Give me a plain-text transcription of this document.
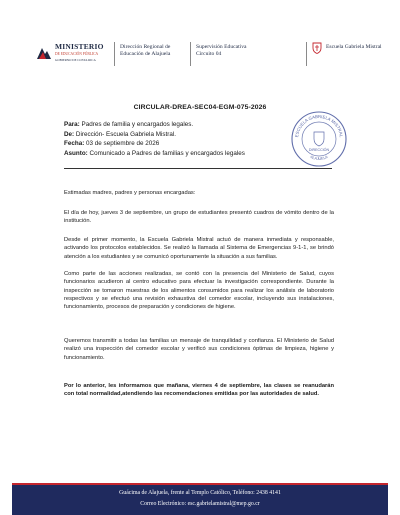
MINISTERIO
DE EDUCACIÓN PÚBLICA
GOBIERNO DE COSTA RICA
Dirección Regional de
Educación de Alajuela
Supervisión Educativa
Circuito 04
Escuela Gabriela Mistral
CIRCULAR-DREA-SEC04-EGM-075-2026
Para: Padres de familia y encargados legales.
De: Dirección- Escuela Gabriela Mistral.
Fecha: 03 de septiembre de 2026
Asunto: Comunicado a Padres de familias y encargados legales
ESCUELA GABRIELA MISTRAL
ALAJUELA
DIRECCIÓN
Estimadas madres, padres y personas encargadas:
El día de hoy, jueves 3 de septiembre, un grupo de estudiantes presentó cuadros de vómito dentro de la institución.
Desde el primer momento, la Escuela Gabriela Mistral actuó de manera inmediata y responsable, activando los protocolos establecidos. Se realizó la llamada al Sistema de Emergencias 9-1-1, se brindó atención a los estudiantes y se comunicó oportunamente la situación a sus familias.
Como parte de las acciones realizadas, se contó con la presencia del Ministerio de Salud, cuyos funcionarios acudieron al centro educativo para efectuar la investigación correspondiente. Durante la inspección se tomaron muestras de los alimentos consumidos para realizar los análisis de laboratorio respectivos y se efectuó una revisión exhaustiva del comedor escolar, incluyendo sus instalaciones, funcionamiento, procesos de preparación y condiciones de higiene.
Queremos transmitir a todas las familias un mensaje de tranquilidad y confianza. El Ministerio de Salud realizó una inspección del comedor escolar y verificó sus condiciones óptimas de limpieza, higiene y funcionamiento.
Por lo anterior, les informamos que mañana, viernes 4 de septiembre, las clases se reanudarán con total normalidad,atendiendo las recomendaciones emitidas por las autoridades de salud.
Guácima de Alajuela, frente al Templo Católico, Teléfono: 2438 4141
Correo Electrónico: esc.gabrielamistral@mep.go.cr
